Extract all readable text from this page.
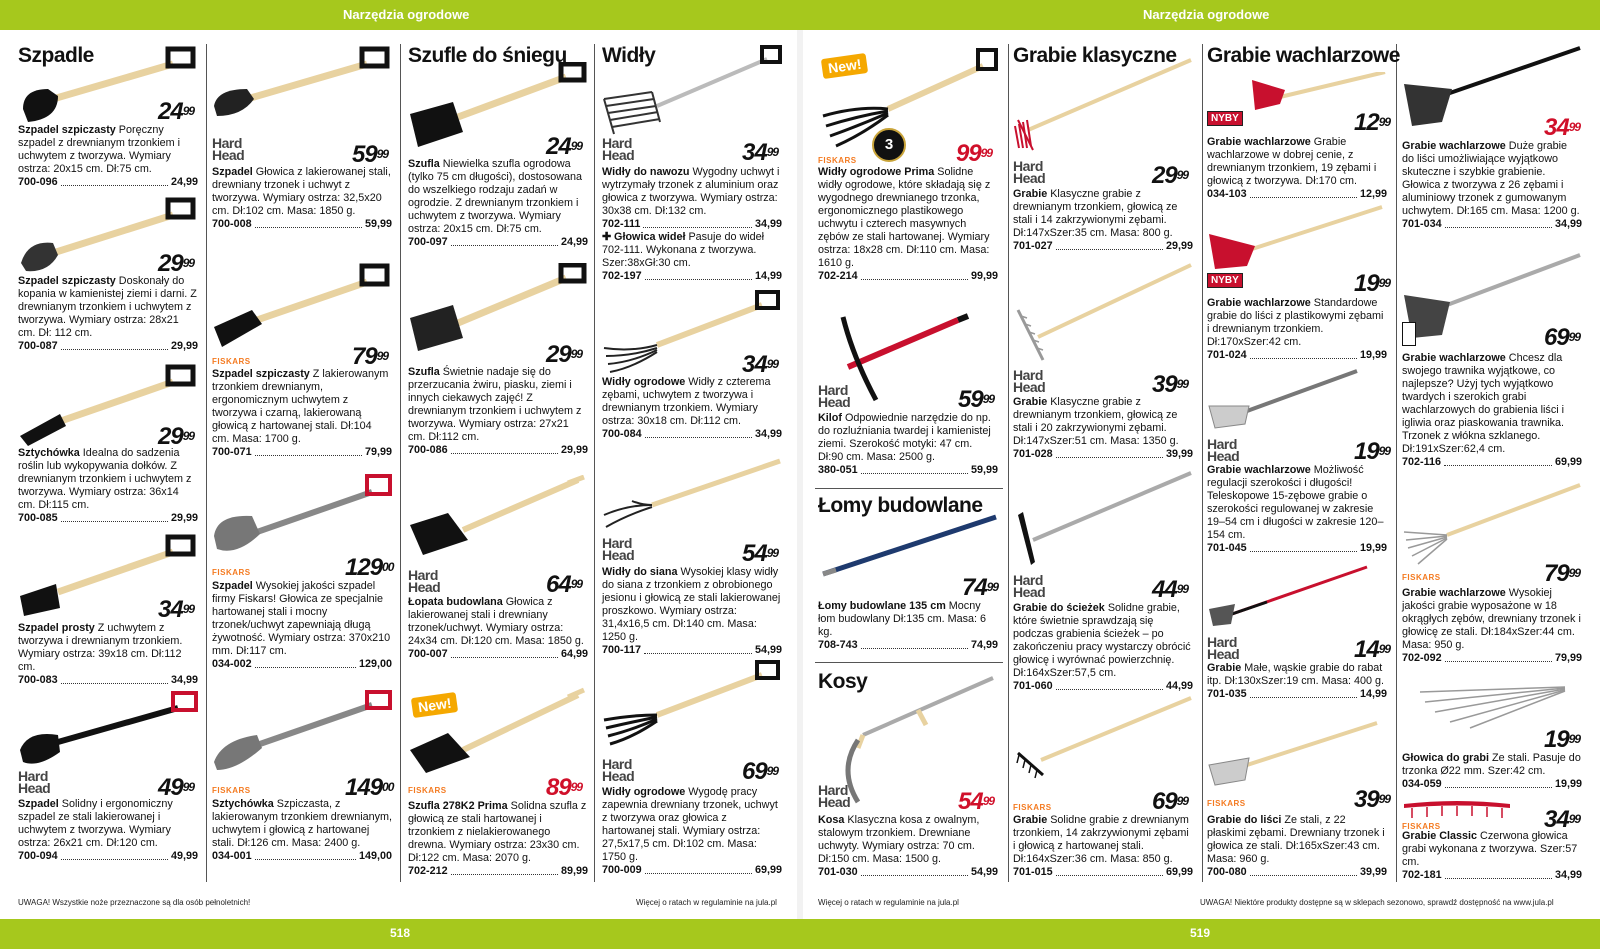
Narzędzia ogrodowe	Narzędzia ogrodowe
518	519
UWAGA! Wszystkie noże przeznaczone są dla osób pełnoletnich!	Więcej o ratach w regulaminie na jula.pl	Więcej o ratach w regulaminie na jula.pl	UWAGA! Niektóre produkty dostępne są w sklepach sezonowo, sprawdź dostępność na www.jula.pl
Szpadle	Szufle do śniegu Widły	Grabie klasyczne Grabie wachlarzowe
Łomy budowlane
Kosy
$24^{99}$

Szpadel szpiczasty Poręczny szpadel z drewnianym trzonkiem i uchwytem z tworzywa. Wymiary ostrza: 20x15 cm. Dł:75 cm.

700-096	24,99
$29^{99}$

Szpadel szpiczasty Doskonały do kopania w kamienistej ziemi i darni. Z drewnianym trzonkiem i uchwytem z tworzywa. Wymiary ostrza: 28x21 cm. Dł: 112 cm.

700-087	29,99
$29^{99}$

Sztychówka Idealna do sadzenia roślin lub wykopywania dołków. Z drewnianym trzonkiem i uchwytem z tworzywa. Wymiary ostrza: 36x14 cm. Dł:115 cm.

700-085	29,99
$34^{99}$

Szpadel prosty Z uchwytem z tworzywa i drewnianym trzonkiem. Wymiary ostrza: 39x18 cm. Dł:112 cm.

700-083	34,99
Hard
Head	$49^{99}$

Szpadel Solidny i ergonomiczny szpadel ze stali lakierowanej i uchwytem z tworzywa. Wymiary ostrza: 26x21 cm. Dł:120 cm.

700-094	49,99
Hard
Head	$59^{99}$

Szpadel Głowica z lakierowanej stali, drewniany trzonek i uchwyt z tworzywa. Wymiary ostrza: 32,5x20 cm. Dł:102 cm. Masa: 1850 g.

700-008	59,99
FISKARS	$79^{99}$

Szpadel szpiczasty Z lakierowanym trzonkiem drewnianym, ergonomicznym uchwytem z tworzywa i czarną, lakierowaną głowicą z hartowanej stali. Dł:104 cm. Masa: 1700 g.

700-071	79,99
FISKARS	$129^{00}$

Szpadel Wysokiej jakości szpadel firmy Fiskars! Głowica ze specjalnie hartowanej stali i mocny trzonek/uchwyt zapewniają długą żywotność. Wymiary ostrza: 370x210 mm. Dł:117 cm.

034-002	129,00
FISKARS	$149^{00}$

Sztychówka Szpiczasta, z lakierowanym trzonkiem drewnianym, uchwytem i głowicą z hartowanej stali. Dł:126 cm. Masa: 2400 g.

034-001	149,00
$24^{99}$

Szufla Niewielka szufla ogrodowa (tylko 75 cm długości), dostosowana do wszelkiego rodzaju zadań w ogrodzie. Z drewnianym trzonkiem i uchwytem z tworzywa. Wymiary ostrza: 20x15 cm. Dł:75 cm.

700-097	24,99
$29^{99}$

Szufla Świetnie nadaje się do przerzucania żwiru, piasku, ziemi i innych ciekawych zajęć! Z drewnianym trzonkiem i uchwytem z tworzywa. Wymiary ostrza: 27x21 cm. Dł:112 cm.

700-086	29,99
Hard
Head	$64^{99}$

Łopata budowlana Głowica z lakierowanej stali i drewniany trzonek/uchwyt. Wymiary ostrza: 24x34 cm. Dł:120 cm. Masa: 1850 g.

700-007	64,99
New!
FISKARS	$89^{99}$

Szufla 278K2 Prima Solidna szufla z głowicą ze stali hartowanej i trzonkiem z nielakierowanego drewna. Wymiary ostrza: 23x30 cm. Dł:122 cm. Masa: 2070 g.

702-212	89,99
Hard
Head	$34^{99}$

Widły do nawozu Wygodny uchwyt i wytrzymały trzonek z aluminium oraz głowica z tworzywa. Wymiary ostrza: 30x38 cm. Dł:132 cm.

702-111	34,99

✚ Głowica wideł Pasuje do wideł 702-111. Wykonana z tworzywa. Szer:38xGł:30 cm.

702-197	14,99
$34^{99}$

Widły ogrodowe Widły z czterema zębami, uchwytem z tworzywa i drewnianym trzonkiem. Wymiary ostrza: 30x18 cm. Dł:112 cm.

700-084	34,99
Hard
Head	$54^{99}$

Widły do siana Wysokiej klasy widły do siana z trzonkiem z obrobionego jesionu i głowicą ze stali lakierowanej proszkowo. Wymiary ostrza: 31,4x16,5 cm. Dł:140 cm. Masa: 1250 g.

700-117	54,99
Hard
Head	$69^{99}$

Widły ogrodowe Wygodę pracy zapewnia drewniany trzonek, uchwyt z tworzywa oraz głowica z hartowanej stali. Wymiary ostrza: 27,5x17,5 cm. Dł:102 cm. Masa: 1750 g.

700-009	69,99
New!
3
FISKARS	$99^{99}$

Widły ogrodowe Prima Solidne widły ogrodowe, które składają się z wygodnego drewnianego trzonka, ergonomicznego plastikowego uchwytu i czterech masywnych zębów ze stali hartowanej. Wymiary ostrza: 18x28 cm. Dł:110 cm. Masa: 1610 g.

702-214	99,99
Hard
Head	$59^{99}$

Kilof Odpowiednie narzędzie do np. do rozluźniania twardej i kamienistej ziemi. Szerokość motyki: 47 cm. Dł:90 cm. Masa: 2500 g.

380-051	59,99
$74^{99}$

Łomy budowlane 135 cm Mocny łom budowlany Dł:135 cm. Masa: 6 kg.

708-743	74,99
Hard
Head	$54^{99}$

Kosa Klasyczna kosa z owalnym, stalowym trzonkiem. Drewniane uchwyty. Wymiary ostrza: 70 cm. Dł:150 cm. Masa: 1500 g.

701-030	54,99
Hard
Head	$29^{99}$

Grabie Klasyczne grabie z drewnianym trzonkiem, głowicą ze stali i 14 zakrzywionymi zębami. Dł:147xSzer:35 cm. Masa: 800 g.

701-027	29,99
Hard
Head	$39^{99}$

Grabie Klasyczne grabie z drewnianym trzonkiem, głowicą ze stali i 20 zakrzywionymi zębami. Dł:147xSzer:51 cm. Masa: 1350 g.

701-028	39,99
Hard
Head	$44^{99}$

Grabie do ścieżek Solidne grabie, które świetnie sprawdzają się podczas grabienia ścieżek – po zakończeniu pracy wystarczy obrócić głowicę i wyrównać powierzchnię. Dł:164xSzer:57,5 cm.

701-060	44,99
FISKARS	$69^{99}$

Grabie Solidne grabie z drewnianym trzonkiem, 14 zakrzywionymi zębami i głowicą z hartowanej stali. Dł:164xSzer:36 cm. Masa: 850 g.

701-015	69,99
NYBY	$12^{99}$

Grabie wachlarzowe Grabie wachlarzowe w dobrej cenie, z drewnianym trzonkiem, 19 zębami i głowicą z tworzywa. Dł:170 cm.

034-103	12,99
NYBY	$19^{99}$

Grabie wachlarzowe Standardowe grabie do liści z plastikowymi zębami i drewnianym trzonkiem. Dł:170xSzer:42 cm.

701-024	19,99
Hard
Head	$19^{99}$

Grabie wachlarzowe Możliwość regulacji szerokości i długości! Teleskopowe 15-zębowe grabie o szerokości regulowanej w zakresie 19–54 cm i długości w zakresie 120–154 cm.

701-045	19,99
Hard
Head	$14^{99}$

Grabie Małe, wąskie grabie do rabat itp. Dł:130xSzer:19 cm. Masa: 400 g.

701-035	14,99
FISKARS	$39^{99}$

Grabie do liści Ze stali, z 22 płaskimi zębami. Drewniany trzonek i głowica ze stali. Dł:165xSzer:43 cm. Masa: 960 g.

700-080	39,99
$34^{99}$

Grabie wachlarzowe Duże grabie do liści umożliwiające wyjątkowo skuteczne i szybkie grabienie. Głowica z tworzywa z 26 zębami i aluminiowy trzonek z gumowanym uchwytem. Dł:165 cm. Masa: 1200 g.

701-034	34,99
$69^{99}$

Grabie wachlarzowe Chcesz dla swojego trawnika wyjątkowe, co najlepsze? Użyj tych wyjątkowo twardych i szerokich grabi wachlarzowych do grabienia liści i igliwia oraz piaskowania trawnika. Trzonek z włókna szklanego. Dł:191xSzer:62,4 cm.

702-116	69,99
FISKARS	$79^{99}$

Grabie wachlarzowe Wysokiej jakości grabie wyposażone w 18 okrągłych zębów, drewniany trzonek i głowicę ze stali. Dł:184xSzer:44 cm. Masa: 950 g.

702-092	79,99
$19^{99}$

Głowica do grabi Ze stali. Pasuje do trzonka Ø22 mm. Szer:42 cm.

034-059	19,99
FISKARS	$34^{99}$

Grabie Classic Czerwona głowica grabi wykonana z tworzywa. Szer:57 cm.

702-181	34,99
